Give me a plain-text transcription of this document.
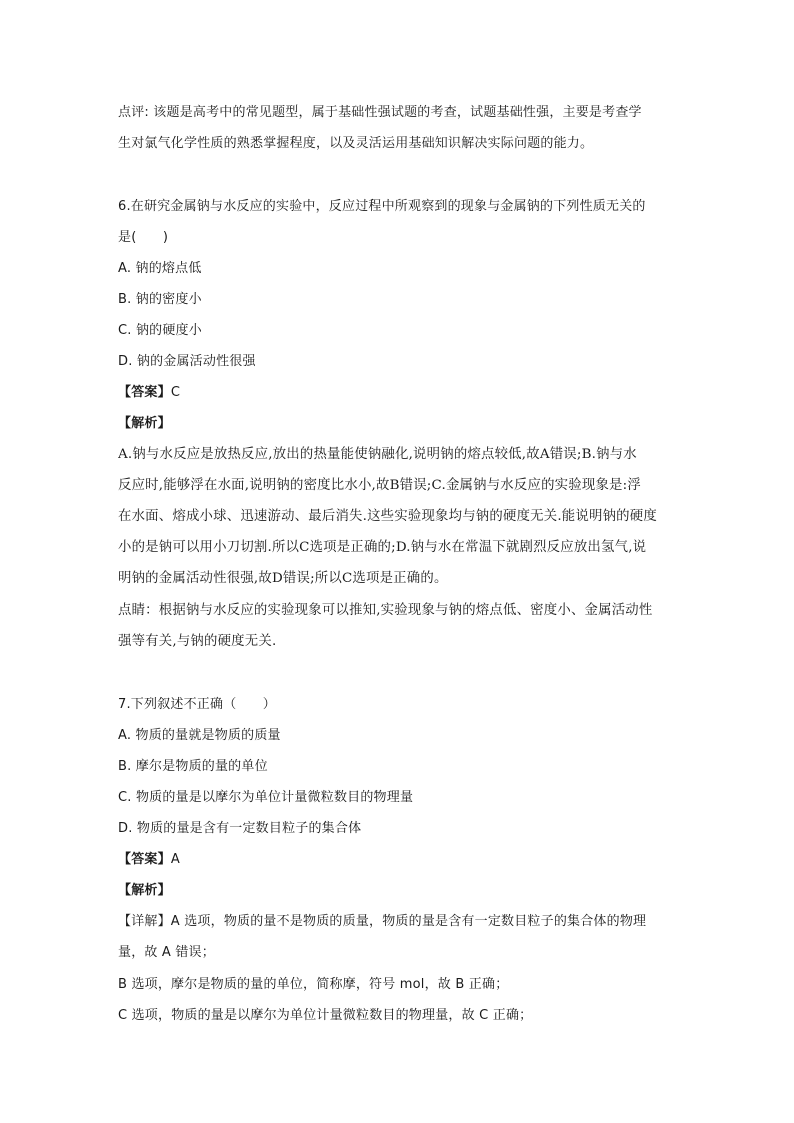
点评: 该题是高考中的常见题型，属于基础性强试题的考查，试题基础性强，主要是考查学
生对氯气化学性质的熟悉掌握程度，以及灵活运用基础知识解决实际问题的能力。
6.在研究金属钠与水反应的实验中，反应过程中所观察到的现象与金属钠的下列性质无关的
是(　　)
A. 钠的熔点低
B. 钠的密度小
C. 钠的硬度小
D. 钠的金属活动性很强
【答案】C
【解析】
A.钠与水反应是放热反应,放出的热量能使钠融化,说明钠的熔点较低,故A错误;B.钠与水
反应时,能够浮在水面,说明钠的密度比水小,故B错误;C.金属钠与水反应的实验现象是:浮
在水面、熔成小球、迅速游动、最后消失.这些实验现象均与钠的硬度无关.能说明钠的硬度
小的是钠可以用小刀切割.所以C选项是正确的;D.钠与水在常温下就剧烈反应放出氢气,说
明钠的金属活动性很强,故D错误;所以C选项是正确的。
点睛：根据钠与水反应的实验现象可以推知,实验现象与钠的熔点低、密度小、金属活动性
强等有关,与钠的硬度无关.
7.下列叙述不正确（　　）
A. 物质的量就是物质的质量
B. 摩尔是物质的量的单位
C. 物质的量是以摩尔为单位计量微粒数目的物理量
D. 物质的量是含有一定数目粒子的集合体
【答案】A
【解析】
【详解】A 选项，物质的量不是物质的质量，物质的量是含有一定数目粒子的集合体的物理
量，故 A 错误；
B 选项，摩尔是物质的量的单位，简称摩，符号 mol，故 B 正确；
C 选项，物质的量是以摩尔为单位计量微粒数目的物理量，故 C 正确；
